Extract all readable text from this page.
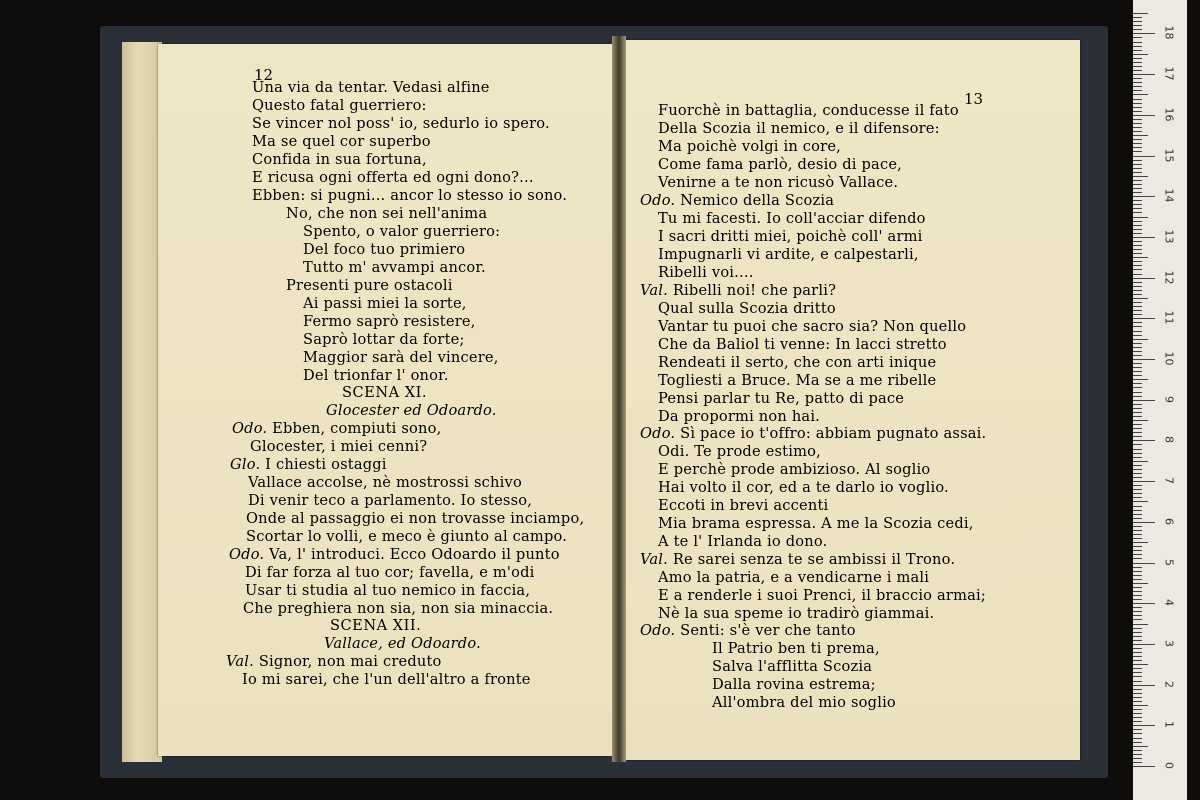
12
13
Una via da tentar. Vedasi alfine
Questo fatal guerriero:
Se vincer nol poss' io, sedurlo io spero.
Ma se quel cor superbo
Confida in sua fortuna,
E ricusa ogni offerta ed ogni dono?...
Ebben: si pugni... ancor lo stesso io sono.
No, che non sei nell'anima
Spento, o valor guerriero:
Del foco tuo primiero
Tutto m' avvampi ancor.
Presenti pure ostacoli
Ai passi miei la sorte,
Fermo saprò resistere,
Saprò lottar da forte;
Maggior sarà del vincere,
Del trionfar l' onor.
SCENA XI.
Glocester ed Odoardo.
Odo. Ebben, compiuti sono,
Glocester, i miei cenni?
Glo. I chiesti ostaggi
Vallace accolse, nè mostrossi schivo
Di venir teco a parlamento. Io stesso,
Onde al passaggio ei non trovasse inciampo,
Scortar lo volli, e meco è giunto al campo.
Odo. Va, l' introduci. Ecco Odoardo il punto
Di far forza al tuo cor; favella, e m'odi
Usar ti studia al tuo nemico in faccia,
Che preghiera non sia, non sia minaccia.
SCENA XII.
Vallace, ed Odoardo.
Val. Signor, non mai creduto
Io mi sarei, che l'un dell'altro a fronte
Fuorchè in battaglia, conducesse il fato
Della Scozia il nemico, e il difensore:
Ma poichè volgi in core,
Come fama parlò, desio di pace,
Venirne a te non ricusò Vallace.
Odo. Nemico della Scozia
Tu mi facesti. Io coll'acciar difendo
I sacri dritti miei, poichè coll' armi
Impugnarli vi ardite, e calpestarli,
Ribelli voi....
Val. Ribelli noi! che parli?
Qual sulla Scozia dritto
Vantar tu puoi che sacro sia? Non quello
Che da Baliol ti venne: In lacci stretto
Rendeati il serto, che con arti inique
Togliesti a Bruce. Ma se a me ribelle
Pensi parlar tu Re, patto di pace
Da propormi non hai.
Odo. Sì pace io t'offro: abbiam pugnato assai.
Odi. Te prode estimo,
E perchè prode ambizioso. Al soglio
Hai volto il cor, ed a te darlo io voglio.
Eccoti in brevi accenti
Mia brama espressa. A me la Scozia cedi,
A te l' Irlanda io dono.
Val. Re sarei senza te se ambissi il Trono.
Amo la patria, e a vendicarne i mali
E a renderle i suoi Prenci, il braccio armai;
Nè la sua speme io tradirò giammai.
Odo. Senti: s'è ver che tanto
Il Patrio ben ti prema,
Salva l'afflitta Scozia
Dalla rovina estrema;
All'ombra del mio soglio
0
1
2
3
4
5
6
7
8
9
10
11
12
13
14
15
16
17
18
